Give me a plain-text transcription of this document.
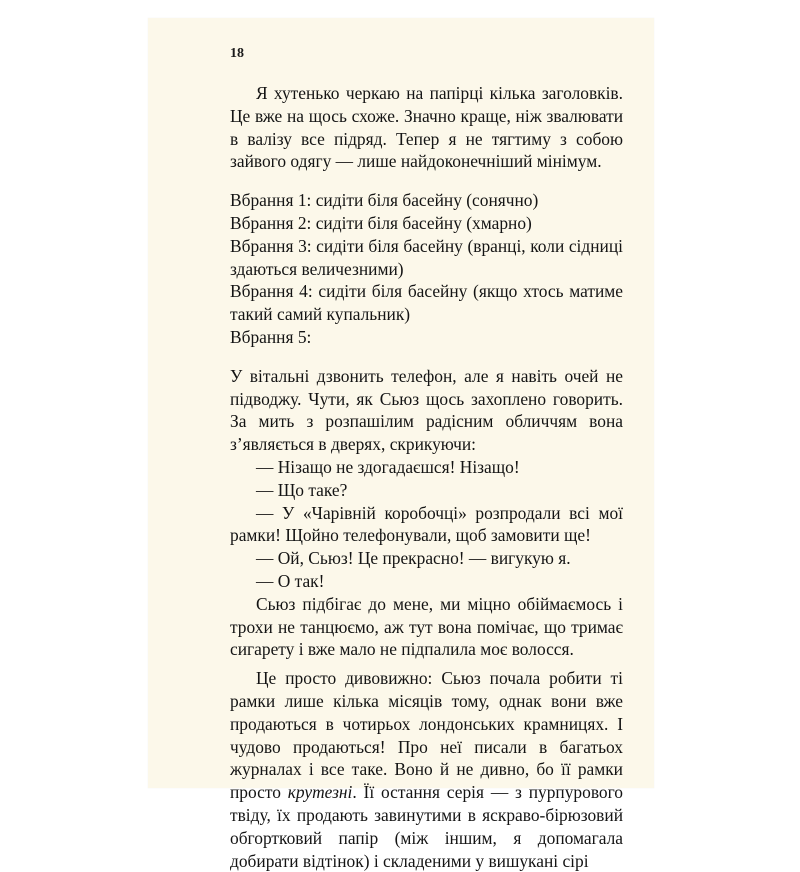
18

Я хутенько черкаю на папірці кілька заголовків. Це вже на щось схоже. Значно краще, ніж звалювати в валізу все підряд. Тепер я не тягтиму з собою зайвого одягу — лише найдоконечніший мінімум.

Вбрання 1: сидіти біля басейну (сонячно)

Вбрання 2: сидіти біля басейну (хмарно)

Вбрання 3: сидіти біля басейну (вранці, коли сідниці здаються величезними)

Вбрання 4: сидіти біля басейну (якщо хтось матиме такий самий купальник)

Вбрання 5:

У вітальні дзвонить телефон, але я навіть очей не підводжу. Чути, як Сьюз щось захоплено говорить. За мить з розпашілим радісним обличчям вона з’являється в дверях, скрикуючи:

— Нізащо не здогадаєшся! Нізащо!

— Що таке?

— У «Чарівній коробочці» розпродали всі мої рамки! Щойно телефонували, щоб замовити ще!

— Ой, Сьюз! Це прекрасно! — вигукую я.

— О так!

Сьюз підбігає до мене, ми міцно обіймаємось і трохи не танцюємо, аж тут вона помічає, що тримає сигарету і вже мало не підпалила моє волосся.

Це просто дивовижно: Сьюз почала робити ті рамки лише кілька місяців тому, однак вони вже продаються в чотирьох лондонських крамницях. І чудово продаються! Про неї писали в багатьох журналах і все таке. Воно й не дивно, бо її рамки просто крутезні. Її остання серія — з пурпурового твіду, їх продають завинутими в яскраво-бірюзовий обгортковий папір (між іншим, я допомагала добирати відтінок) і складеними у вишукані сірі
